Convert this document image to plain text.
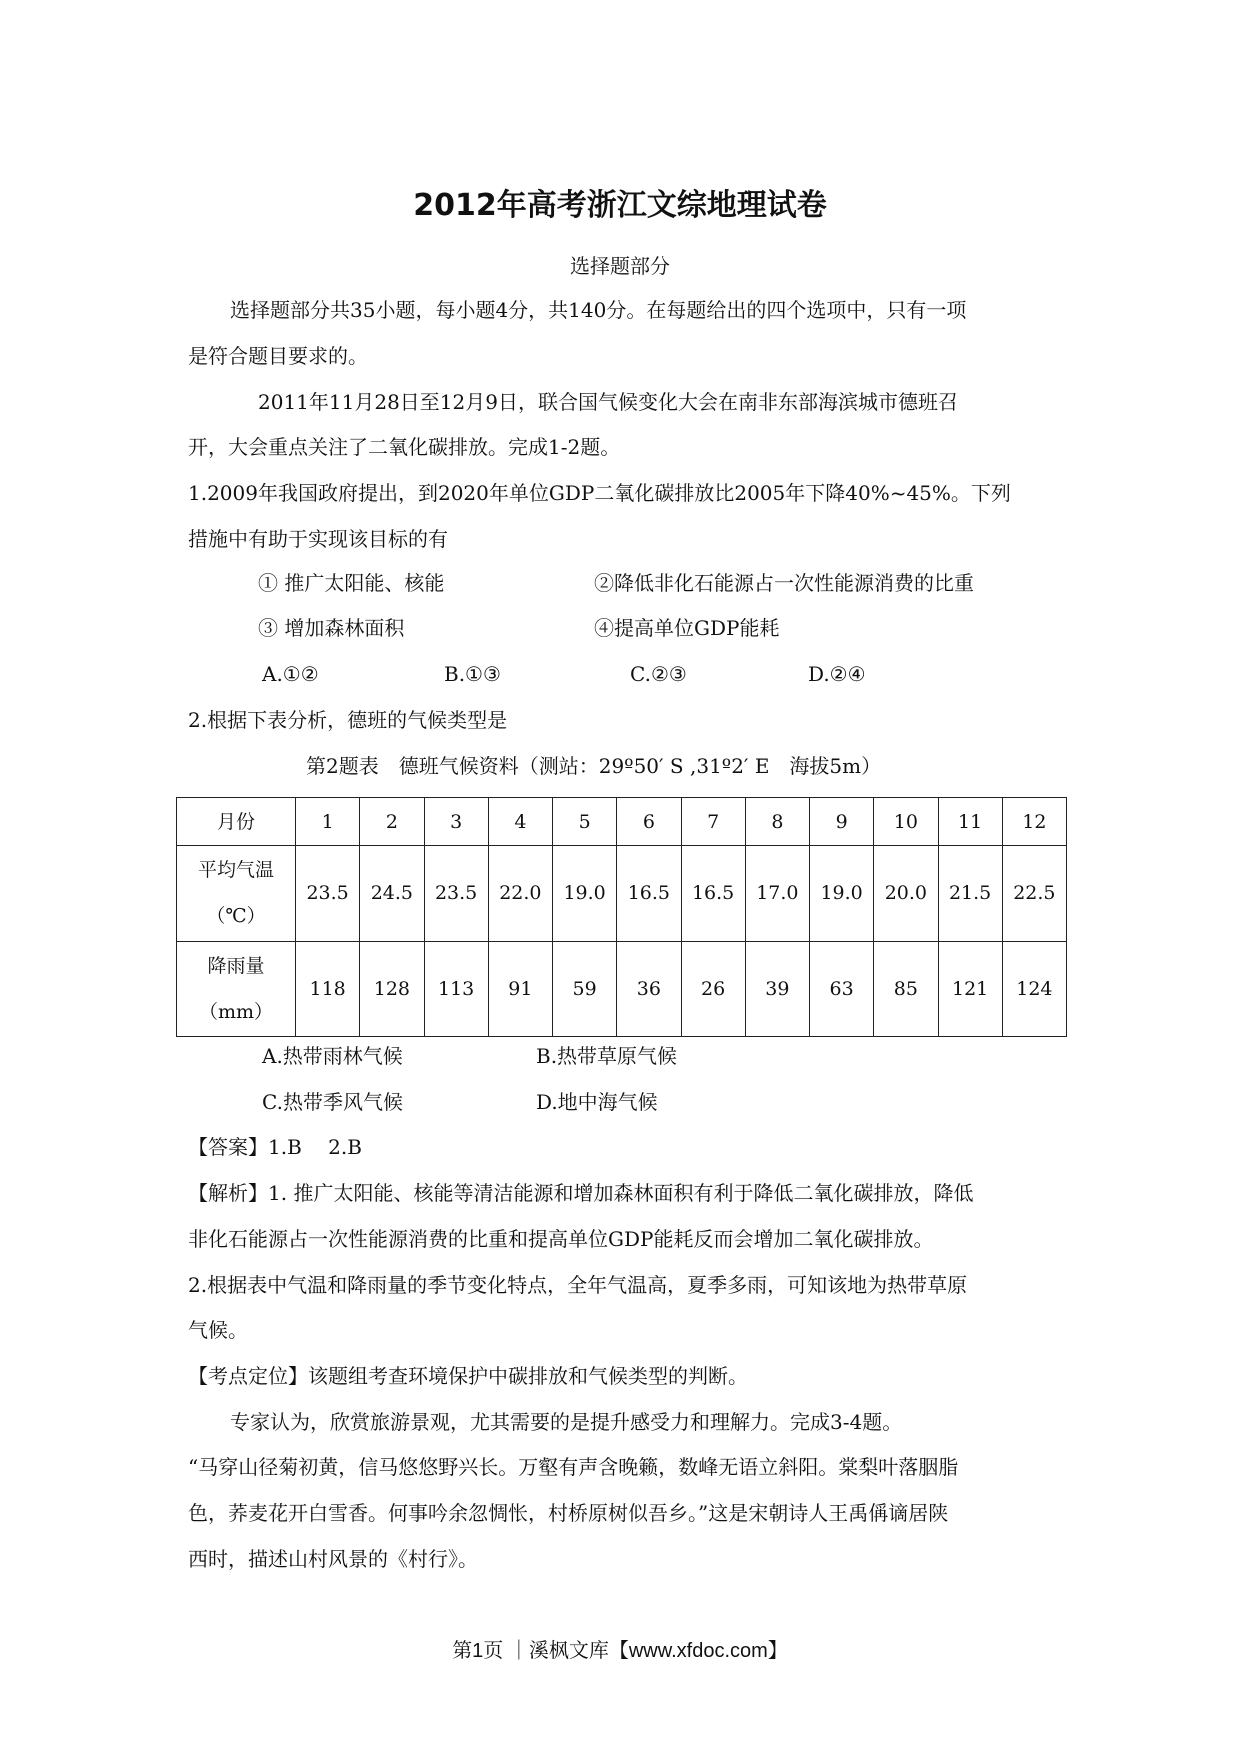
2012年高考浙江文综地理试卷
选择题部分
选择题部分共35小题，每小题4分，共140分。在每题给出的四个选项中，只有一项
是符合题目要求的。
2011年11月28日至12月9日，联合国气候变化大会在南非东部海滨城市德班召
开，大会重点关注了二氧化碳排放。完成1-2题。
1.2009年我国政府提出，到2020年单位GDP二氧化碳排放比2005年下降40%~45%。下列
措施中有助于实现该目标的有
① 推广太阳能、核能	②降低非化石能源占一次性能源消费的比重
③ 增加森林面积	④提高单位GDP能耗
A.①②	B.①③	C.②③	D.②④
2.根据下表分析，德班的气候类型是
第2题表　德班气候资料（测站：29º50′ S ,31º2′ E　海拔5m）
月份	1	2	3	4	5	6	7	8	9	10	11	12

平均气温
（℃）	23.5	24.5	23.5	22.0	19.0	16.5	16.5	17.0	19.0	20.0	21.5	22.5

降雨量
（mm）	118	128	113	91	59	36	26	39	63	85	121	124
A.热带雨林气候	B.热带草原气候
C.热带季风气候	D.地中海气候
【答案】1.B　 2.B
【解析】1. 推广太阳能、核能等清洁能源和增加森林面积有利于降低二氧化碳排放，降低
非化石能源占一次性能源消费的比重和提高单位GDP能耗反而会增加二氧化碳排放。
2.根据表中气温和降雨量的季节变化特点，全年气温高，夏季多雨，可知该地为热带草原
气候。
【考点定位】该题组考查环境保护中碳排放和气候类型的判断。
专家认为，欣赏旅游景观，尤其需要的是提升感受力和理解力。完成3-4题。
“马穿山径菊初黄，信马悠悠野兴长。万壑有声含晚籁，数峰无语立斜阳。棠梨叶落胭脂
色，荞麦花开白雪香。何事吟余忽惆怅，村桥原树似吾乡。”这是宋朝诗人王禹偁谪居陕
西时，描述山村风景的《村行》。
第1页 ｜溪枫文库【www.xfdoc.com】
